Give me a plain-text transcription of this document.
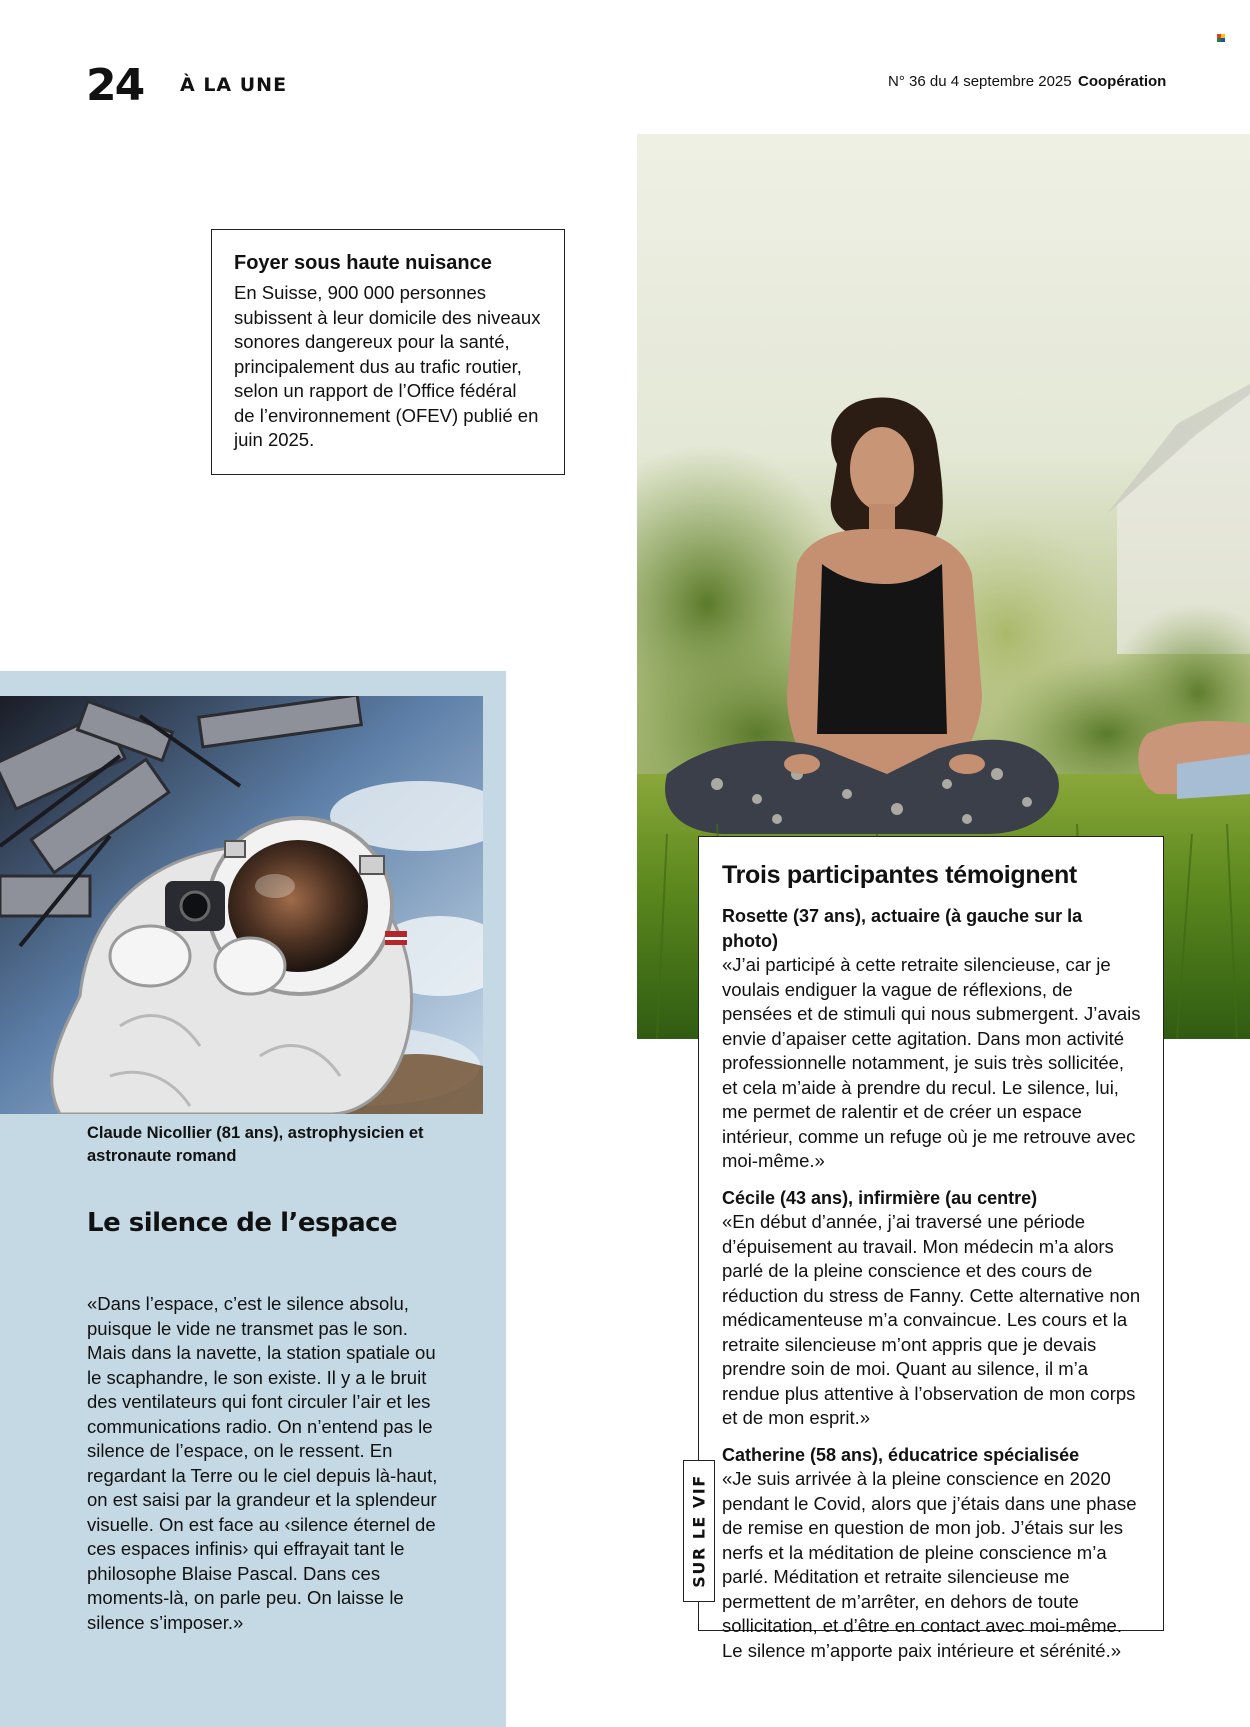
24 À LA UNE	N° 36 du 4 septembre 2025 Coopération
Foyer sous haute nuisance

En Suisse, 900 000 personnes subissent à leur domicile des niveaux sonores dangereux pour la santé, principalement dus au trafic routier, selon un rapport de l’Office fédéral de l’environnement (OFEV) publié en juin 2025.

Claude Nicollier (81 ans), astrophysicien et astronaute romand
Le silence de l’espace

«Dans l’espace, c’est le silence absolu, puisque le vide ne transmet pas le son. Mais dans la navette, la station spatiale ou le scaphandre, le son existe. Il y a le bruit des ventilateurs qui font circuler l’air et les communications radio. On n’entend pas le silence de l’espace, on le ressent. En regardant la Terre ou le ciel depuis là-haut, on est saisi par la grandeur et la splendeur visuelle. On est face au ‹silence éternel de ces espaces infinis› qui effrayait tant le philosophe Blaise Pascal. Dans ces moments-là, on parle peu. On laisse le silence s’imposer.»

Trois participantes témoignent
Rosette (37 ans), actuaire (à gauche sur la photo)

«J’ai participé à cette retraite silencieuse, car je voulais endiguer la vague de réflexions, de pensées et de stimuli qui nous submergent. J’avais envie d’apaiser cette agitation. Dans mon activité professionnelle notamment, je suis très sollicitée, et cela m’aide à prendre du recul. Le silence, lui, me permet de ralentir et de créer un espace intérieur, comme un refuge où je me retrouve avec moi-même.»

Cécile (43 ans), infirmière (au centre)

«En début d’année, j’ai traversé une période d’épuisement au travail. Mon médecin m’a alors parlé de la pleine conscience et des cours de réduction du stress de Fanny. Cette alternative non médicamenteuse m’a convaincue. Les cours et la retraite silencieuse m’ont appris que je devais prendre soin de moi. Quant au silence, il m’a rendue plus attentive à l’observation de mon corps et de mon esprit.»

Catherine (58 ans), éducatrice spécialisée

«Je suis arrivée à la pleine conscience en 2020 pendant le Covid, alors que j’étais dans une phase de remise en question de mon job. J’étais sur les nerfs et la méditation de pleine conscience m’a parlé. Méditation et retraite silencieuse me permettent de m’arrêter, en dehors de toute sollicitation, et d’être en contact avec moi-même. Le silence m’apporte paix intérieure et sérénité.»

SUR LE VIF
